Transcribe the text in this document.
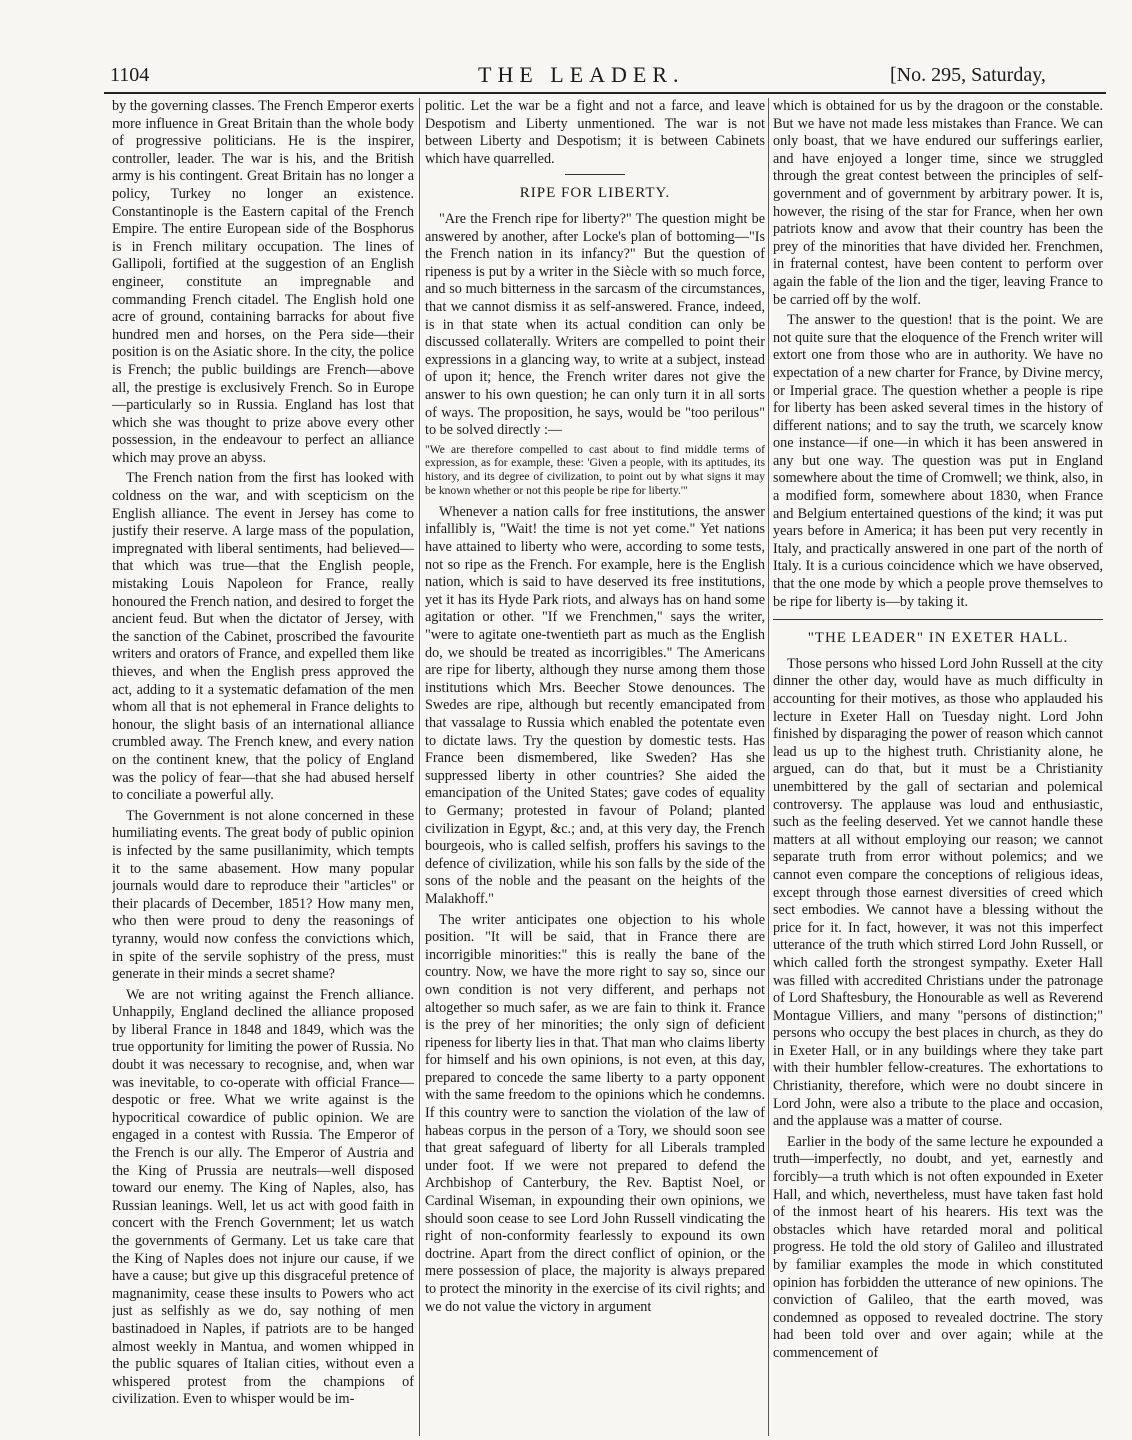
1104	THE LEADER.	[No. 295, Saturday,

by the governing classes. The French Emperor exerts more influence in Great Britain than the whole body of progressive politicians. He is the inspirer, controller, leader. The war is his, and the British army is his contingent. Great Britain has no longer a policy, Turkey no longer an existence. Constantinople is the Eastern capital of the French Empire. The entire European side of the Bosphorus is in French military occupation. The lines of Gallipoli, fortified at the suggestion of an English engineer, constitute an impregnable and commanding French citadel. The English hold one acre of ground, containing barracks for about five hundred men and horses, on the Pera side—their position is on the Asiatic shore. In the city, the police is French; the public buildings are French—above all, the prestige is exclusively French. So in Europe—particularly so in Russia. England has lost that which she was thought to prize above every other possession, in the endeavour to perfect an alliance which may prove an abyss.

The French nation from the first has looked with coldness on the war, and with scepticism on the English alliance. The event in Jersey has come to justify their reserve. A large mass of the population, impregnated with liberal sentiments, had believed—that which was true—that the English people, mistaking Louis Napoleon for France, really honoured the French nation, and desired to forget the ancient feud. But when the dictator of Jersey, with the sanction of the Cabinet, proscribed the favourite writers and orators of France, and expelled them like thieves, and when the English press approved the act, adding to it a systematic defamation of the men whom all that is not ephemeral in France delights to honour, the slight basis of an international alliance crumbled away. The French knew, and every nation on the continent knew, that the policy of England was the policy of fear—that she had abused herself to conciliate a powerful ally.

The Government is not alone concerned in these humiliating events. The great body of public opinion is infected by the same pusillanimity, which tempts it to the same abasement. How many popular journals would dare to reproduce their "articles" or their placards of December, 1851? How many men, who then were proud to deny the reasonings of tyranny, would now confess the convictions which, in spite of the servile sophistry of the press, must generate in their minds a secret shame?

We are not writing against the French alliance. Unhappily, England declined the alliance proposed by liberal France in 1848 and 1849, which was the true opportunity for limiting the power of Russia. No doubt it was necessary to recognise, and, when war was inevitable, to co-operate with official France—despotic or free. What we write against is the hypocritical cowardice of public opinion. We are engaged in a contest with Russia. The Emperor of the French is our ally. The Emperor of Austria and the King of Prussia are neutrals—well disposed toward our enemy. The King of Naples, also, has Russian leanings. Well, let us act with good faith in concert with the French Government; let us watch the governments of Germany. Let us take care that the King of Naples does not injure our cause, if we have a cause; but give up this disgraceful pretence of magnanimity, cease these insults to Powers who act just as selfishly as we do, say nothing of men bastinadoed in Naples, if patriots are to be hanged almost weekly in Mantua, and women whipped in the public squares of Italian cities, without even a whispered protest from the champions of civilization. Even to whisper would be im-

politic. Let the war be a fight and not a farce, and leave Despotism and Liberty unmentioned. The war is not between Liberty and Despotism; it is between Cabinets which have quarrelled.

RIPE FOR LIBERTY.

"Are the French ripe for liberty?" The question might be answered by another, after Locke's plan of bottoming—"Is the French nation in its infancy?" But the question of ripeness is put by a writer in the Siècle with so much force, and so much bitterness in the sarcasm of the circumstances, that we cannot dismiss it as self-answered. France, indeed, is in that state when its actual condition can only be discussed collaterally. Writers are compelled to point their expressions in a glancing way, to write at a subject, instead of upon it; hence, the French writer dares not give the answer to his own question; he can only turn it in all sorts of ways. The proposition, he says, would be "too perilous" to be solved directly :—

"We are therefore compelled to cast about to find middle terms of expression, as for example, these: 'Given a people, with its aptitudes, its history, and its degree of civilization, to point out by what signs it may be known whether or not this people be ripe for liberty.'"

Whenever a nation calls for free institutions, the answer infallibly is, "Wait! the time is not yet come." Yet nations have attained to liberty who were, according to some tests, not so ripe as the French. For example, here is the English nation, which is said to have deserved its free institutions, yet it has its Hyde Park riots, and always has on hand some agitation or other. "If we Frenchmen," says the writer, "were to agitate one-twentieth part as much as the English do, we should be treated as incorrigibles." The Americans are ripe for liberty, although they nurse among them those institutions which Mrs. Beecher Stowe denounces. The Swedes are ripe, although but recently emancipated from that vassalage to Russia which enabled the potentate even to dictate laws. Try the question by domestic tests. Has France been dismembered, like Sweden? Has she suppressed liberty in other countries? She aided the emancipation of the United States; gave codes of equality to Germany; protested in favour of Poland; planted civilization in Egypt, &c.; and, at this very day, the French bourgeois, who is called selfish, proffers his savings to the defence of civilization, while his son falls by the side of the sons of the noble and the peasant on the heights of the Malakhoff."

The writer anticipates one objection to his whole position. "It will be said, that in France there are incorrigible minorities:" this is really the bane of the country. Now, we have the more right to say so, since our own condition is not very different, and perhaps not altogether so much safer, as we are fain to think it. France is the prey of her minorities; the only sign of deficient ripeness for liberty lies in that. That man who claims liberty for himself and his own opinions, is not even, at this day, prepared to concede the same liberty to a party opponent with the same freedom to the opinions which he condemns. If this country were to sanction the violation of the law of habeas corpus in the person of a Tory, we should soon see that great safeguard of liberty for all Liberals trampled under foot. If we were not prepared to defend the Archbishop of Canterbury, the Rev. Baptist Noel, or Cardinal Wiseman, in expounding their own opinions, we should soon cease to see Lord John Russell vindicating the right of non-conformity fearlessly to expound its own doctrine. Apart from the direct conflict of opinion, or the mere possession of place, the majority is always prepared to protect the minority in the exercise of its civil rights; and we do not value the victory in argument

which is obtained for us by the dragoon or the constable. But we have not made less mistakes than France. We can only boast, that we have endured our sufferings earlier, and have enjoyed a longer time, since we struggled through the great contest between the principles of self-government and of government by arbitrary power. It is, however, the rising of the star for France, when her own patriots know and avow that their country has been the prey of the minorities that have divided her. Frenchmen, in fraternal contest, have been content to perform over again the fable of the lion and the tiger, leaving France to be carried off by the wolf.

The answer to the question! that is the point. We are not quite sure that the eloquence of the French writer will extort one from those who are in authority. We have no expectation of a new charter for France, by Divine mercy, or Imperial grace. The question whether a people is ripe for liberty has been asked several times in the history of different nations; and to say the truth, we scarcely know one instance—if one—in which it has been answered in any but one way. The question was put in England somewhere about the time of Cromwell; we think, also, in a modified form, somewhere about 1830, when France and Belgium entertained questions of the kind; it was put years before in America; it has been put very recently in Italy, and practically answered in one part of the north of Italy. It is a curious coincidence which we have observed, that the one mode by which a people prove themselves to be ripe for liberty is—by taking it.

"THE LEADER" IN EXETER HALL.

Those persons who hissed Lord John Russell at the city dinner the other day, would have as much difficulty in accounting for their motives, as those who applauded his lecture in Exeter Hall on Tuesday night. Lord John finished by disparaging the power of reason which cannot lead us up to the highest truth. Christianity alone, he argued, can do that, but it must be a Christianity unembittered by the gall of sectarian and polemical controversy. The applause was loud and enthusiastic, such as the feeling deserved. Yet we cannot handle these matters at all without employing our reason; we cannot separate truth from error without polemics; and we cannot even compare the conceptions of religious ideas, except through those earnest diversities of creed which sect embodies. We cannot have a blessing without the price for it. In fact, however, it was not this imperfect utterance of the truth which stirred Lord John Russell, or which called forth the strongest sympathy. Exeter Hall was filled with accredited Christians under the patronage of Lord Shaftesbury, the Honourable as well as Reverend Montague Villiers, and many "persons of distinction;" persons who occupy the best places in church, as they do in Exeter Hall, or in any buildings where they take part with their humbler fellow-creatures. The exhortations to Christianity, therefore, which were no doubt sincere in Lord John, were also a tribute to the place and occasion, and the applause was a matter of course.

Earlier in the body of the same lecture he expounded a truth—imperfectly, no doubt, and yet, earnestly and forcibly—a truth which is not often expounded in Exeter Hall, and which, nevertheless, must have taken fast hold of the inmost heart of his hearers. His text was the obstacles which have retarded moral and political progress. He told the old story of Galileo and illustrated by familiar examples the mode in which constituted opinion has forbidden the utterance of new opinions. The conviction of Galileo, that the earth moved, was condemned as opposed to revealed doctrine. The story had been told over and over again; while at the commencement of
